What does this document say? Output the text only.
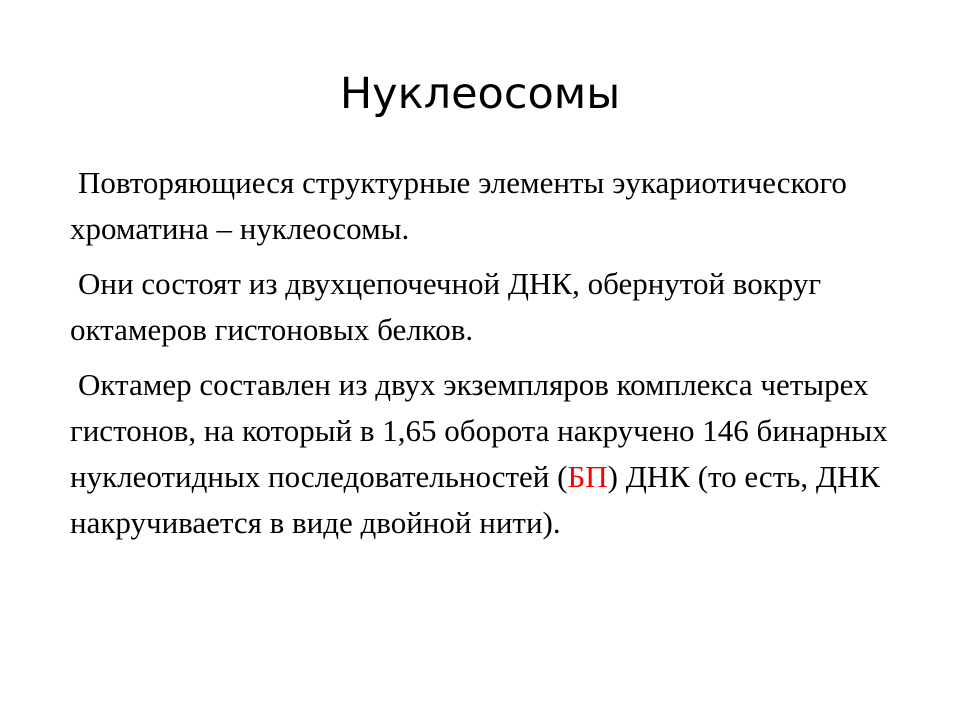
Нуклеосомы

Повторяющиеся структурные элементы эукариотического хроматина – нуклеосомы.

Они состоят из двухцепочечной ДНК, обернутой вокруг октамеров гистоновых белков.

Октамер составлен из двух экземпляров комплекса четырех гистонов, на который в 1,65 оборота накручено 146 бинарных нуклеотидных последовательностей (БП) ДНК (то есть, ДНК накручивается в виде двойной нити).
